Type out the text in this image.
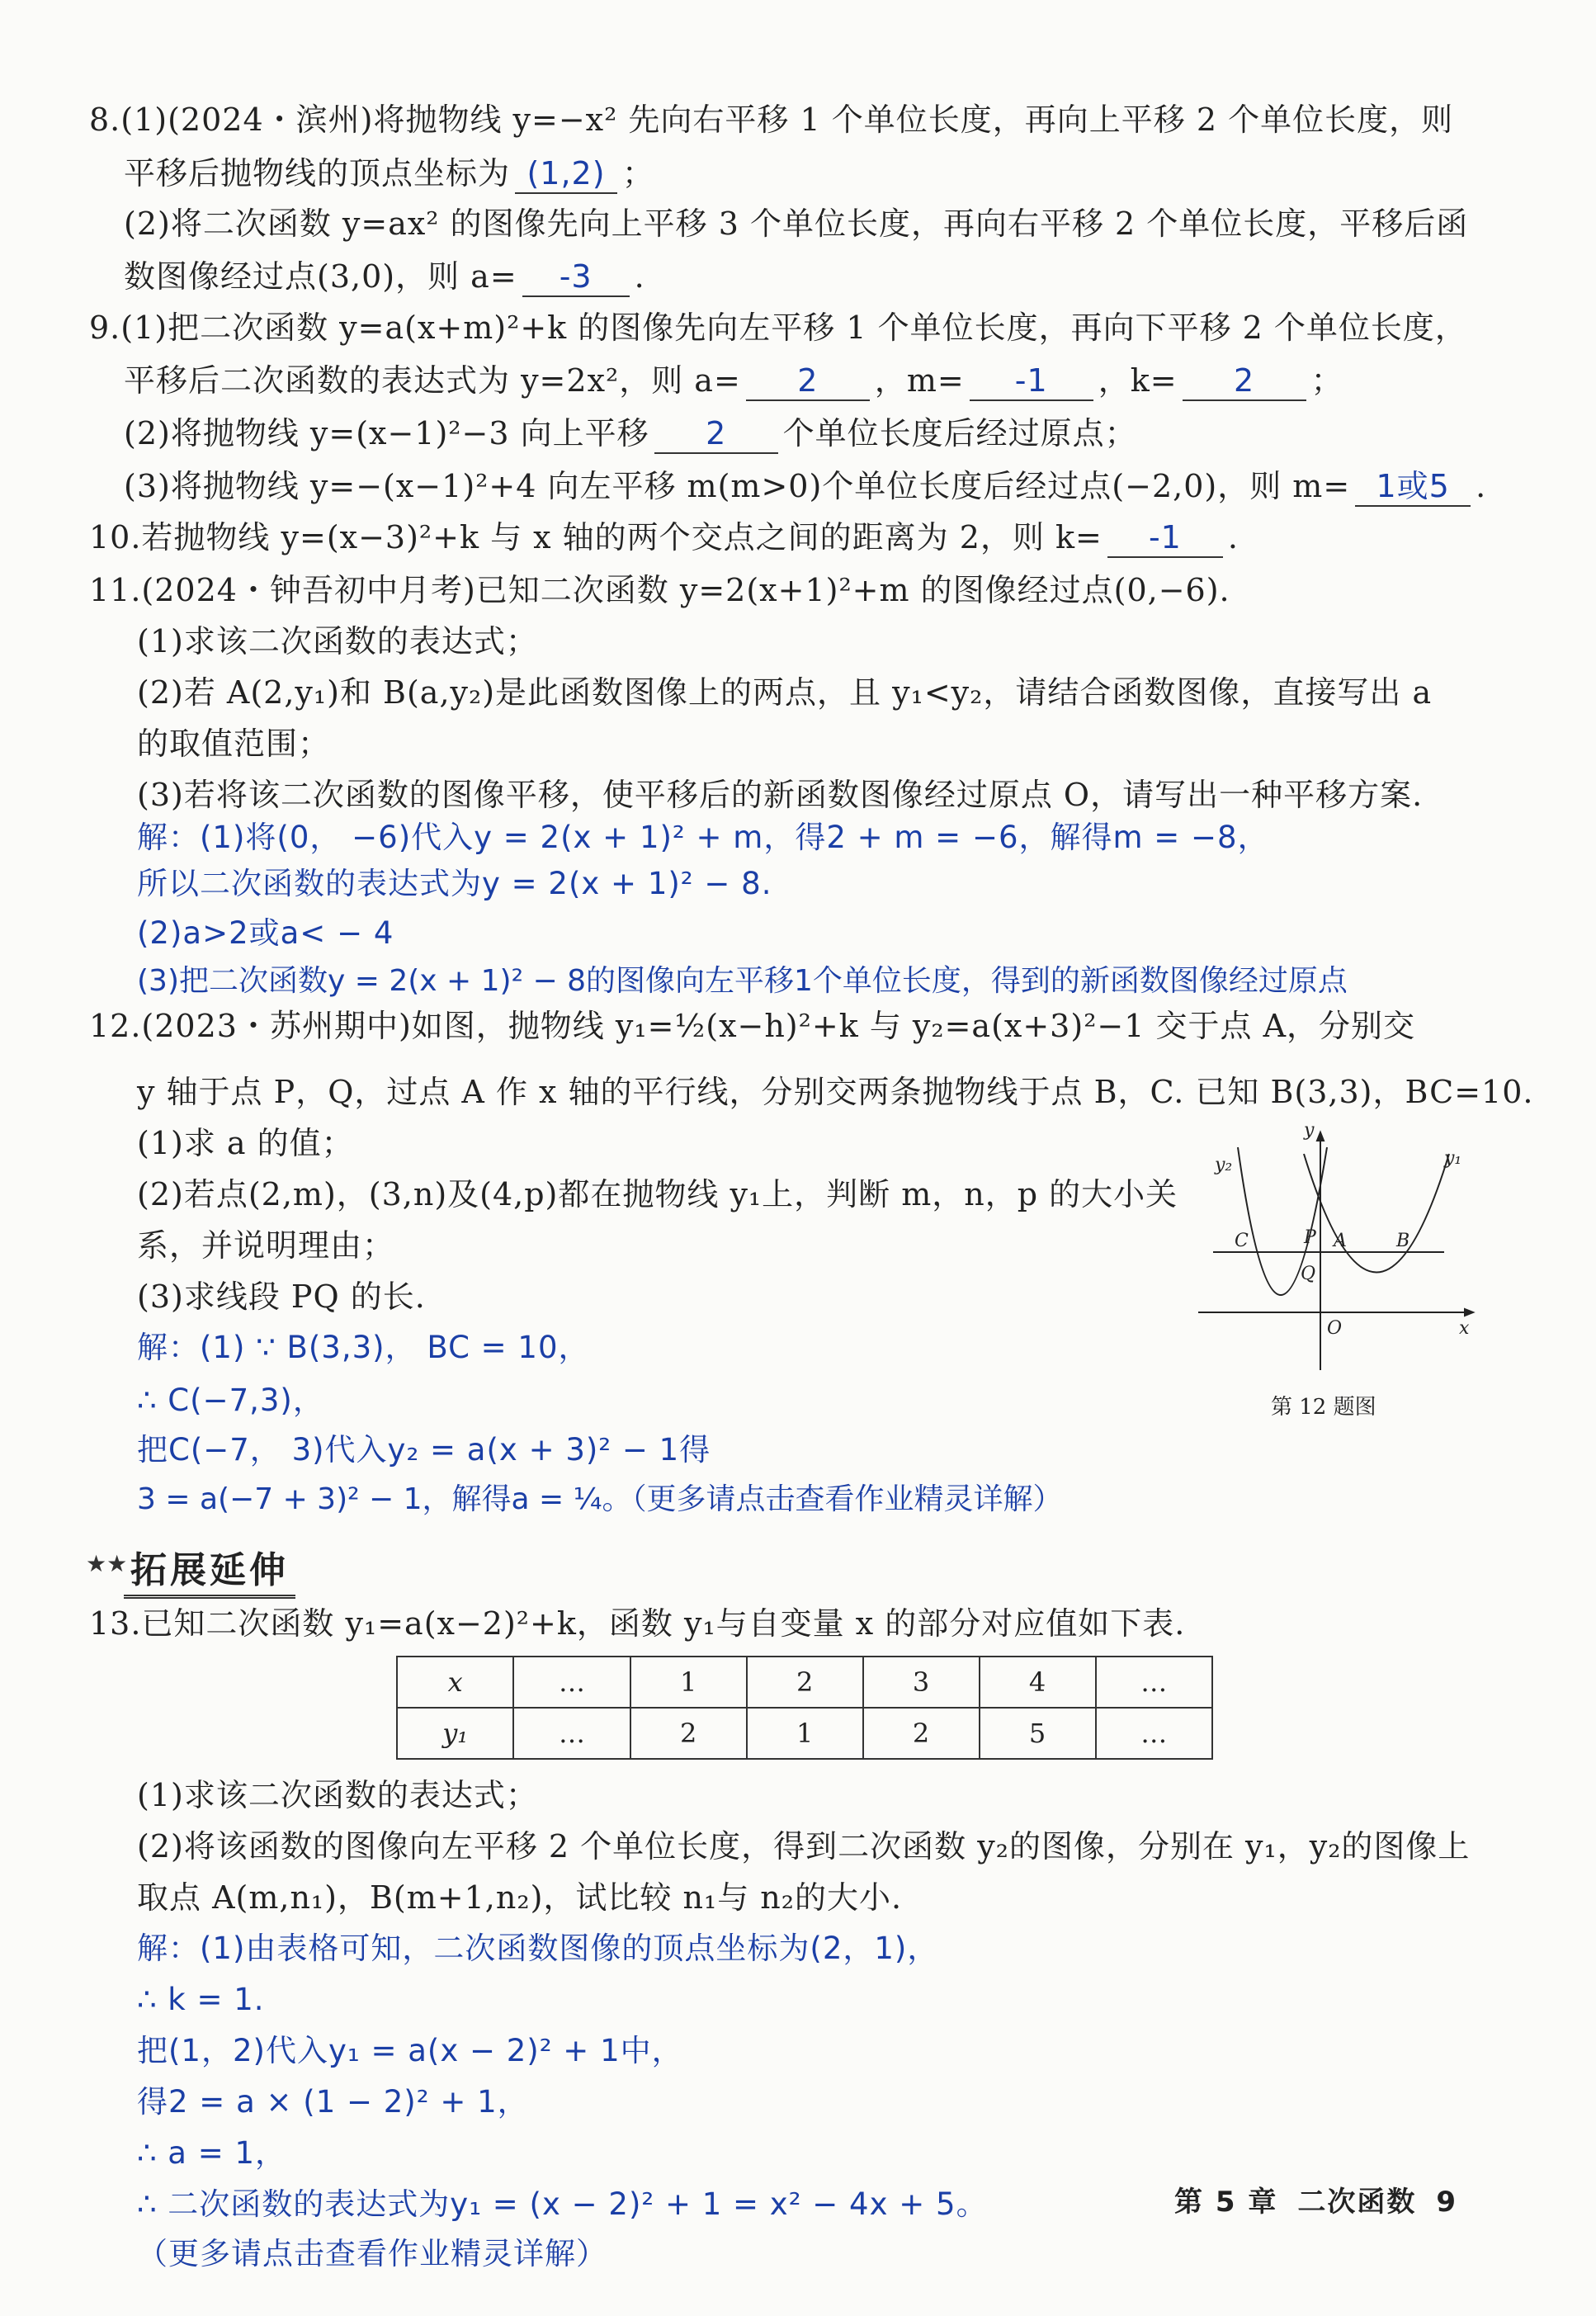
8.(1)(2024・滨州)将抛物线 y=−x² 先向右平移 1 个单位长度，再向上平移 2 个单位长度，则
平移后抛物线的顶点坐标为 (1,2) ；
(2)将二次函数 y=ax² 的图像先向上平移 3 个单位长度，再向右平移 2 个单位长度，平移后函
数图像经过点(3,0)，则 a= -3 .
9.(1)把二次函数 y=a(x+m)²+k 的图像先向左平移 1 个单位长度，再向下平移 2 个单位长度，
平移后二次函数的表达式为 y=2x²，则 a= 2 ，m= -1 ，k= 2 ；
(2)将抛物线 y=(x−1)²−3 向上平移 2 个单位长度后经过原点；
(3)将抛物线 y=−(x−1)²+4 向左平移 m(m>0)个单位长度后经过点(−2,0)，则 m= 1或5 .
10.若抛物线 y=(x−3)²+k 与 x 轴的两个交点之间的距离为 2，则 k= -1 .
11.(2024・钟吾初中月考)已知二次函数 y=2(x+1)²+m 的图像经过点(0,−6).
(1)求该二次函数的表达式；
(2)若 A(2,y₁)和 B(a,y₂)是此函数图像上的两点，且 y₁<y₂，请结合函数图像，直接写出 a
的取值范围；
(3)若将该二次函数的图像平移，使平移后的新函数图像经过原点 O，请写出一种平移方案.
解：(1)将(0， −6)代入y = 2(x + 1)² + m，得2 + m = −6，解得m = −8，
所以二次函数的表达式为y = 2(x + 1)² − 8.
(2)a>2或a< − 4
(3)把二次函数y = 2(x + 1)² − 8的图像向左平移1个单位长度，得到的新函数图像经过原点
12.(2023・苏州期中)如图，抛物线 y₁=½(x−h)²+k 与 y₂=a(x+3)²−1 交于点 A，分别交
y 轴于点 P，Q，过点 A 作 x 轴的平行线，分别交两条抛物线于点 B，C. 已知 B(3,3)，BC=10.
(1)求 a 的值；
(2)若点(2,m)，(3,n)及(4,p)都在抛物线 y₁上，判断 m，n，p 的大小关
系，并说明理由；
(3)求线段 PQ 的长.
解：(1) ∵ B(3,3)， BC = 10，
∴ C(−7,3)，
把C(−7， 3)代入y₂ = a(x + 3)² − 1得
3 = a(−7 + 3)² − 1，解得a = ¼。（更多请点击查看作业精灵详解）
y
x
y₁
y₂
C	P A	B
Q
O
第 12 题图
★★ 拓展延伸
13.已知二次函数 y₁=a(x−2)²+k，函数 y₁与自变量 x 的部分对应值如下表.
x	…	1	2	3	4	…
y₁	…	2	1	2	5	…
(1)求该二次函数的表达式；
(2)将该函数的图像向左平移 2 个单位长度，得到二次函数 y₂的图像，分别在 y₁，y₂的图像上
取点 A(m,n₁)，B(m+1,n₂)，试比较 n₁与 n₂的大小.
解：(1)由表格可知，二次函数图像的顶点坐标为(2，1)，
∴ k = 1.
把(1，2)代入y₁ = a(x − 2)² + 1中，
得2 = a × (1 − 2)² + 1，
∴ a = 1，
∴ 二次函数的表达式为y₁ = (x − 2)² + 1 = x² − 4x + 5。
（更多请点击查看作业精灵详解）
第 5 章 二次函数 9
